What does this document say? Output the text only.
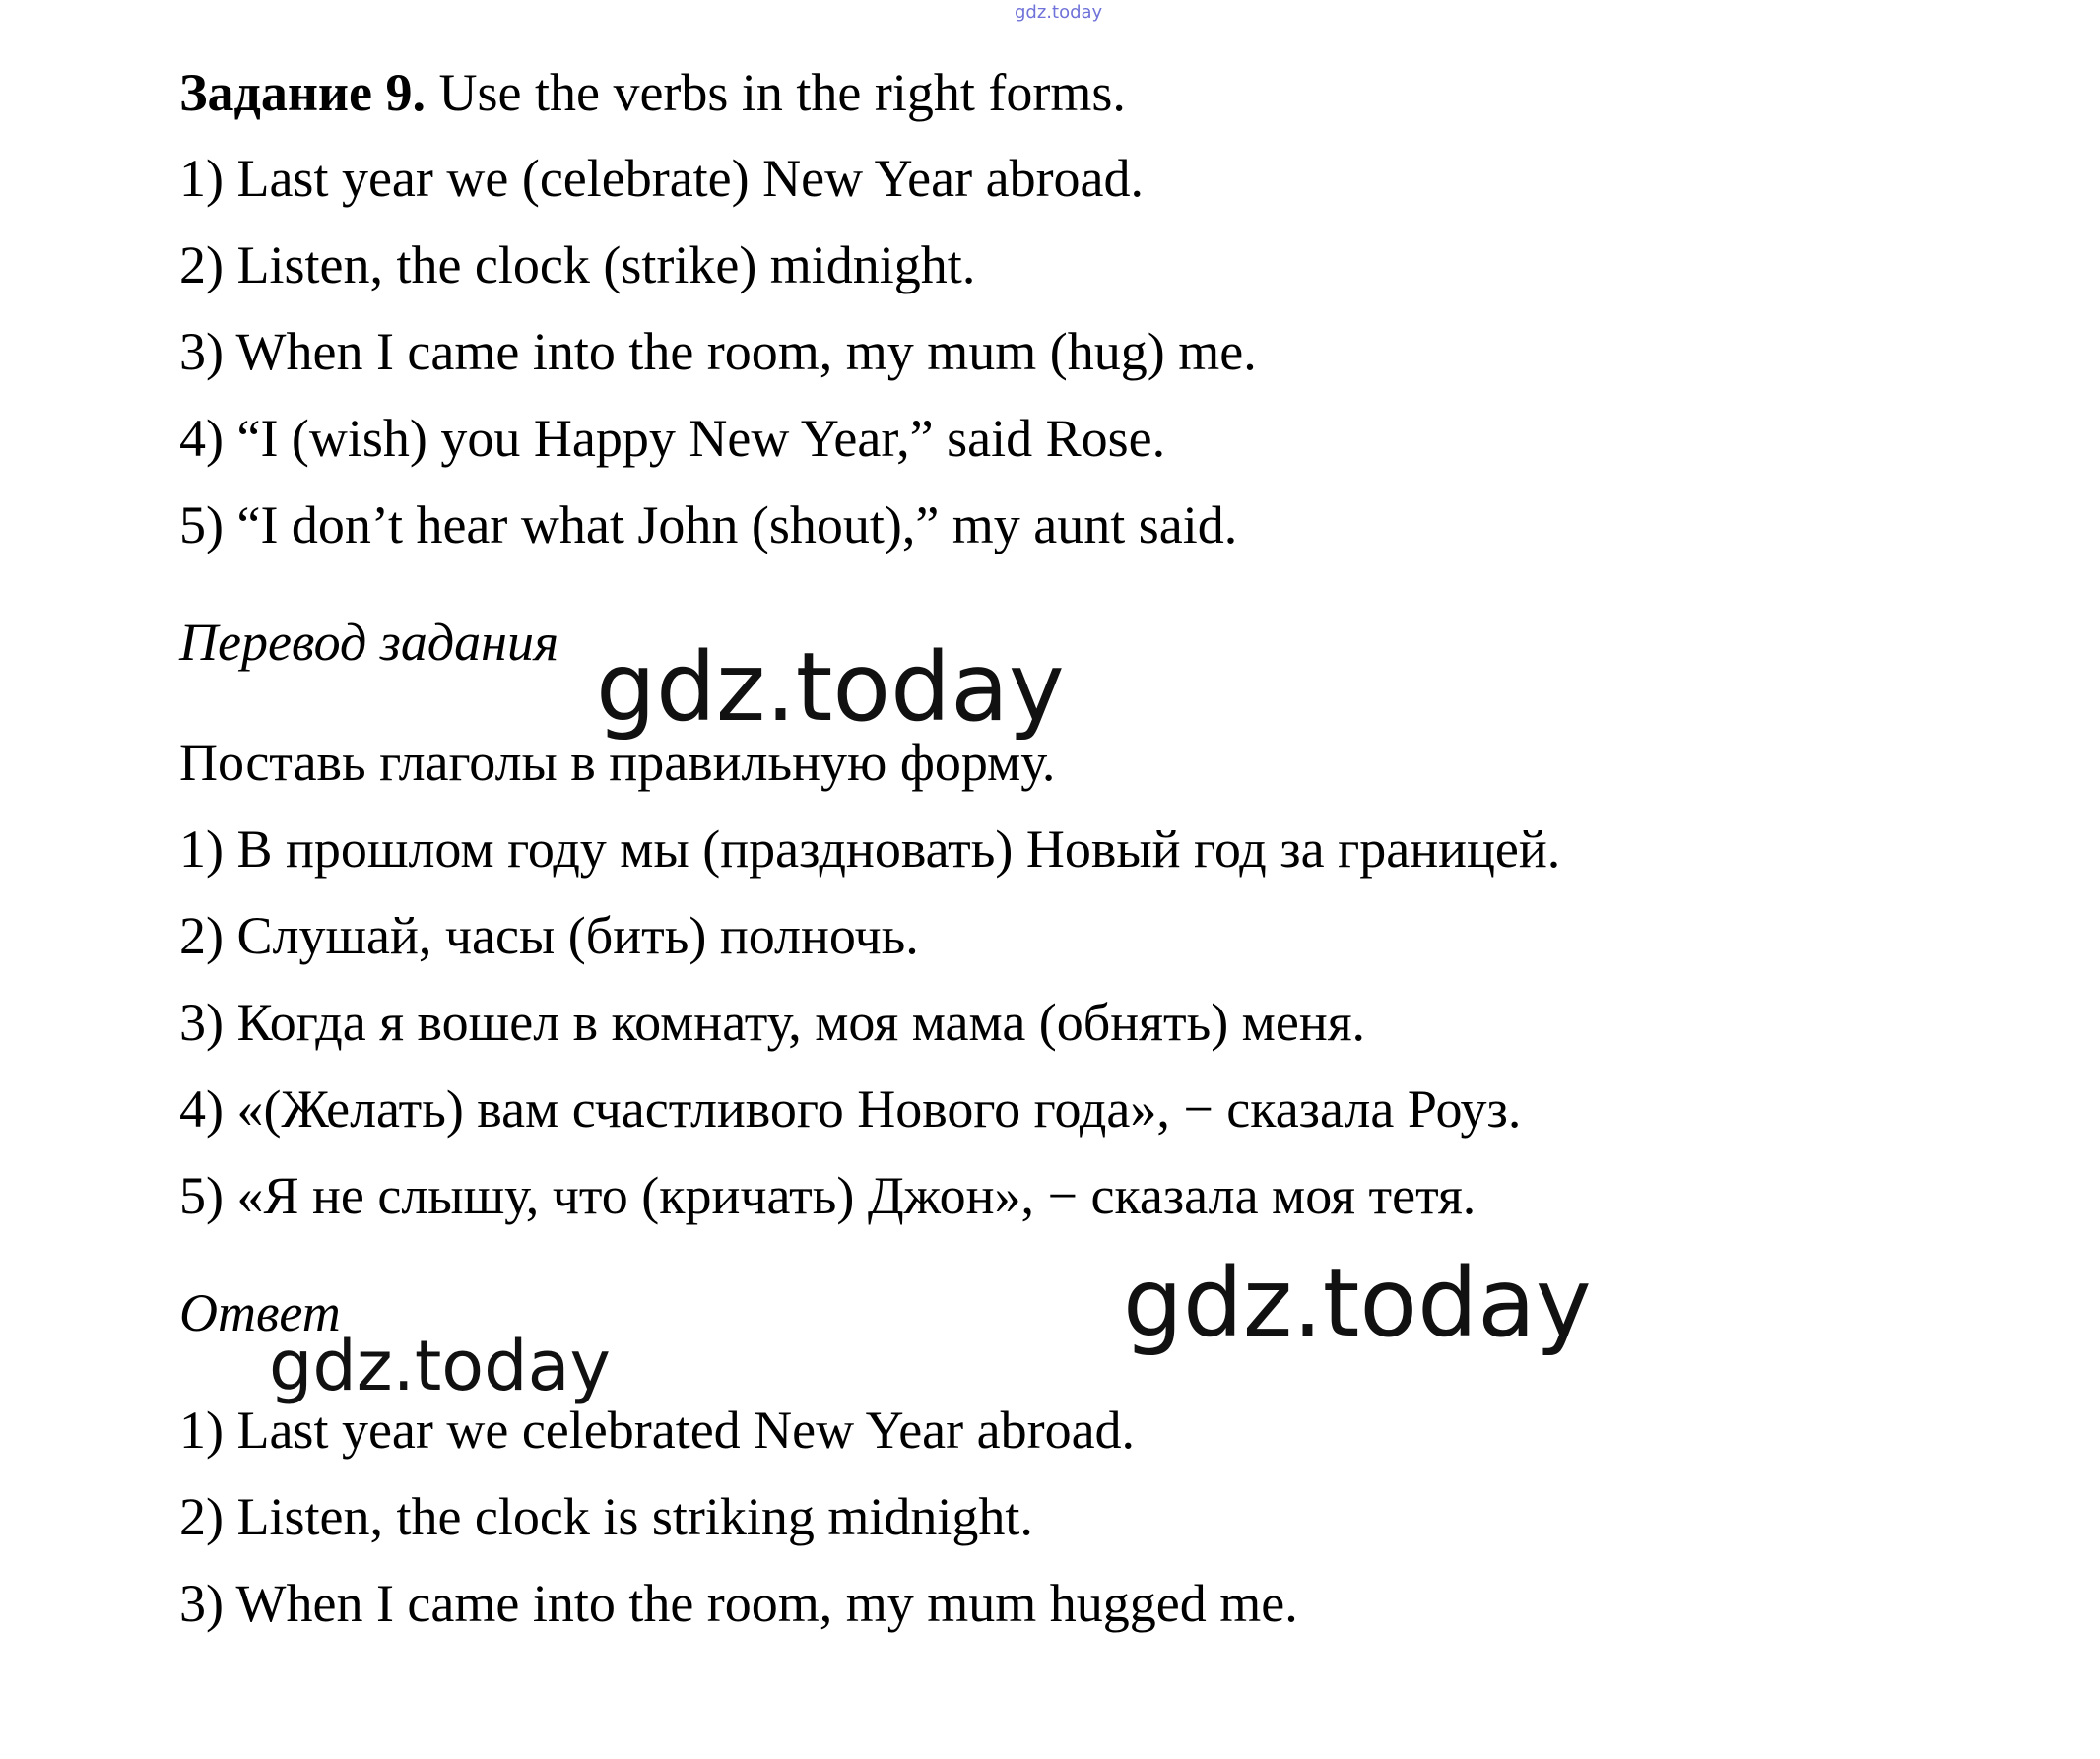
gdz.today
Задание 9. Use the verbs in the right forms.
1) Last year we (celebrate) New Year abroad.
2) Listen, the clock (strike) midnight.
3) When I came into the room, my mum (hug) me.
4) “I (wish) you Happy New Year,” said Rose.
5) “I don’t hear what John (shout),” my aunt said.
Перевод задания gdz.today
Поставь глаголы в правильную форму.
1) В прошлом году мы (праздновать) Новый год за границей.
2) Слушай, часы (бить) полночь.
3) Когда я вошел в комнату, моя мама (обнять) меня.
4) «(Желать) вам счастливого Нового года», − сказала Роуз.
5) «Я не слышу, что (кричать) Джон», − сказала моя тетя.
Ответ	gdz.today
gdz.today
1) Last year we celebrated New Year abroad.
2) Listen, the clock is striking midnight.
3) When I came into the room, my mum hugged me.
